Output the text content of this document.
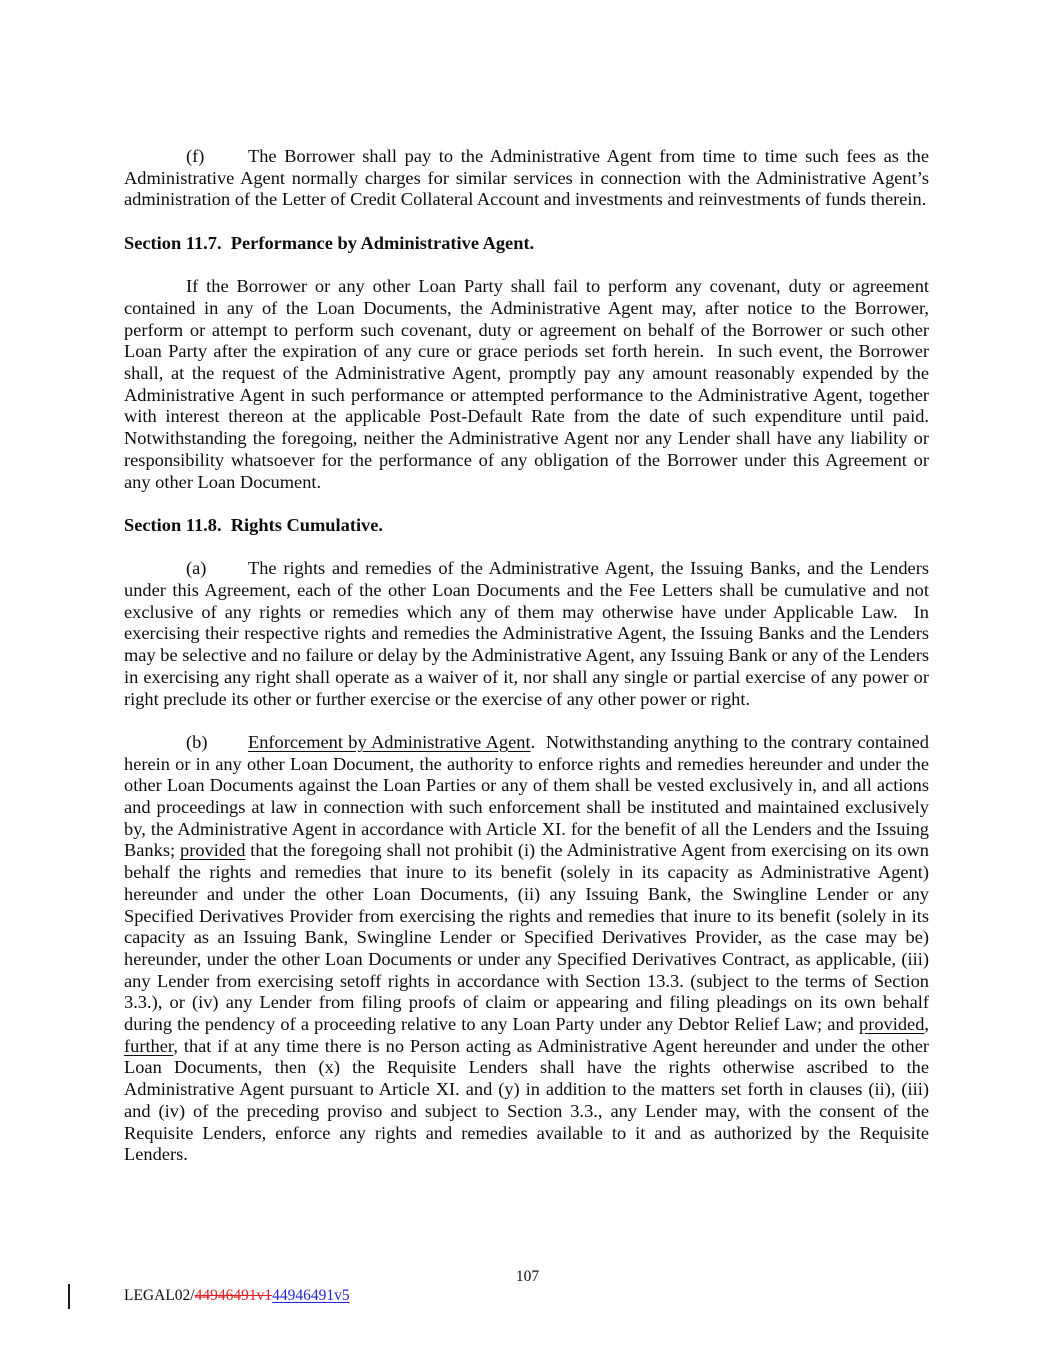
(f) The Borrower shall pay to the Administrative Agent from time to time such fees as the Administrative Agent normally charges for similar services in connection with the Administrative Agent’s administration of the Letter of Credit Collateral Account and investments and reinvestments of funds therein.

Section 11.7.  Performance by Administrative Agent.

If the Borrower or any other Loan Party shall fail to perform any covenant, duty or agreement contained in any of the Loan Documents, the Administrative Agent may, after notice to the Borrower, perform or attempt to perform such covenant, duty or agreement on behalf of the Borrower or such other Loan Party after the expiration of any cure or grace periods set forth herein.  In such event, the Borrower shall, at the request of the Administrative Agent, promptly pay any amount reasonably expended by the Administrative Agent in such performance or attempted performance to the Administrative Agent, together with interest thereon at the applicable Post-Default Rate from the date of such expenditure until paid.  Notwithstanding the foregoing, neither the Administrative Agent nor any Lender shall have any liability or responsibility whatsoever for the performance of any obligation of the Borrower under this Agreement or any other Loan Document.

Section 11.8.  Rights Cumulative.

(a) The rights and remedies of the Administrative Agent, the Issuing Banks, and the Lenders under this Agreement, each of the other Loan Documents and the Fee Letters shall be cumulative and not exclusive of any rights or remedies which any of them may otherwise have under Applicable Law.  In exercising their respective rights and remedies the Administrative Agent, the Issuing Banks and the Lenders may be selective and no failure or delay by the Administrative Agent, any Issuing Bank or any of the Lenders in exercising any right shall operate as a waiver of it, nor shall any single or partial exercise of any power or right preclude its other or further exercise or the exercise of any other power or right.

(b) Enforcement by Administrative Agent.  Notwithstanding anything to the contrary contained herein or in any other Loan Document, the authority to enforce rights and remedies hereunder and under the other Loan Documents against the Loan Parties or any of them shall be vested exclusively in, and all actions and proceedings at law in connection with such enforcement shall be instituted and maintained exclusively by, the Administrative Agent in accordance with Article XI. for the benefit of all the Lenders and the Issuing Banks; provided that the foregoing shall not prohibit (i) the Administrative Agent from exercising on its own behalf the rights and remedies that inure to its benefit (solely in its capacity as Administrative Agent) hereunder and under the other Loan Documents, (ii) any Issuing Bank, the Swingline Lender or any Specified Derivatives Provider from exercising the rights and remedies that inure to its benefit (solely in its capacity as an Issuing Bank, Swingline Lender or Specified Derivatives Provider, as the case may be) hereunder, under the other Loan Documents or under any Specified Derivatives Contract, as applicable, (iii) any Lender from exercising setoff rights in accordance with Section 13.3. (subject to the terms of Section 3.3.), or (iv) any Lender from filing proofs of claim or appearing and filing pleadings on its own behalf during the pendency of a proceeding relative to any Loan Party under any Debtor Relief Law; and provided, further, that if at any time there is no Person acting as Administrative Agent hereunder and under the other Loan Documents, then (x) the Requisite Lenders shall have the rights otherwise ascribed to the Administrative Agent pursuant to Article XI. and (y) in addition to the matters set forth in clauses (ii), (iii) and (iv) of the preceding proviso and subject to Section 3.3., any Lender may, with the consent of the Requisite Lenders, enforce any rights and remedies available to it and as authorized by the Requisite Lenders.

107
LEGAL02/44946491v144946491v5
